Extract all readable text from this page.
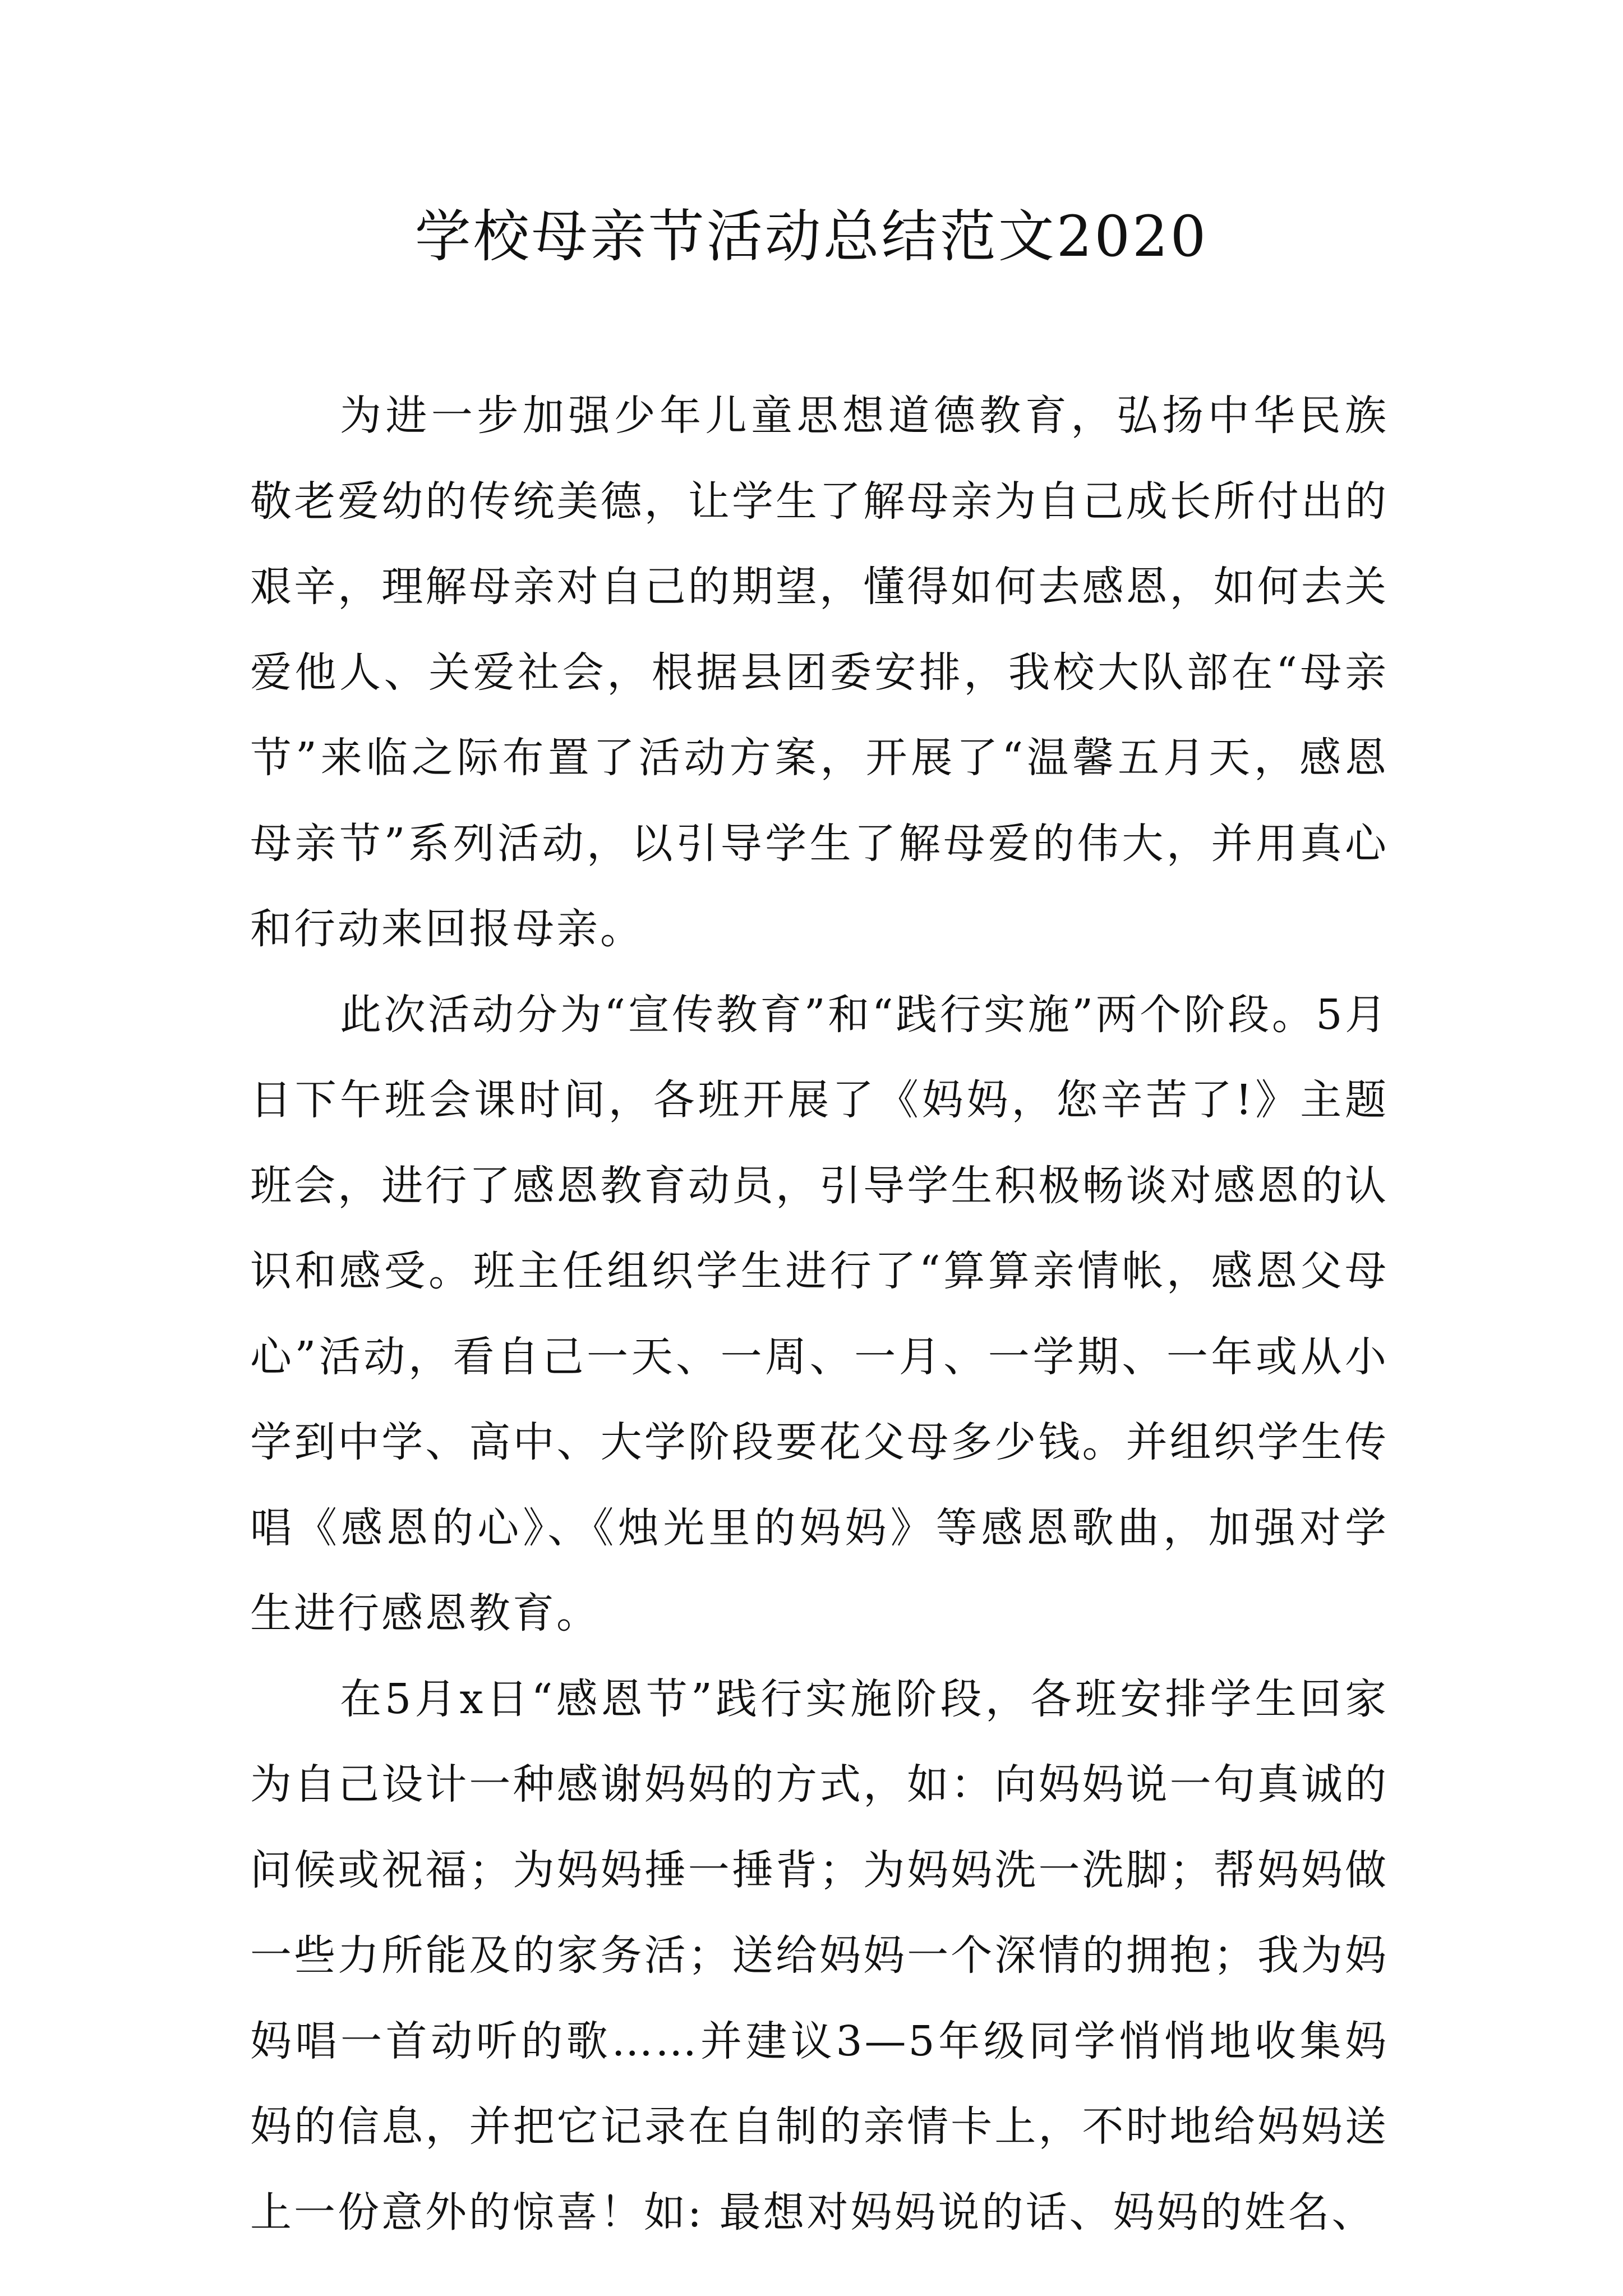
学校母亲节活动总结范文2020

为进一步加强少年儿童思想道德教育，弘扬中华民族敬老爱幼的传统美德，让学生了解母亲为自己成长所付出的艰辛，理解母亲对自己的期望，懂得如何去感恩，如何去关爱他人、关爱社会，根据县团委安排，我校大队部在“母亲节”来临之际布置了活动方案，开展了“温馨五月天，感恩母亲节”系列活动，以引导学生了解母爱的伟大，并用真心和行动来回报母亲。

此次活动分为“宣传教育”和“践行实施”两个阶段。5月日下午班会课时间，各班开展了《妈妈，您辛苦了!》主题班会，进行了感恩教育动员，引导学生积极畅谈对感恩的认识和感受。班主任组织学生进行了“算算亲情帐，感恩父母心”活动，看自己一天、一周、一月、一学期、一年或从小学到中学、高中、大学阶段要花父母多少钱。并组织学生传唱《感恩的心》、《烛光里的妈妈》等感恩歌曲，加强对学生进行感恩教育。

在5月x日“感恩节”践行实施阶段，各班安排学生回家为自己设计一种感谢妈妈的方式，如：向妈妈说一句真诚的问候或祝福；为妈妈捶一捶背；为妈妈洗一洗脚；帮妈妈做一些力所能及的家务活；送给妈妈一个深情的拥抱；我为妈妈唱一首动听的歌……并建议3—5年级同学悄悄地收集妈妈的信息，并把它记录在自制的亲情卡上，不时地给妈妈送上一份意外的惊喜！如: 最想对妈妈说的话、妈妈的姓名、
